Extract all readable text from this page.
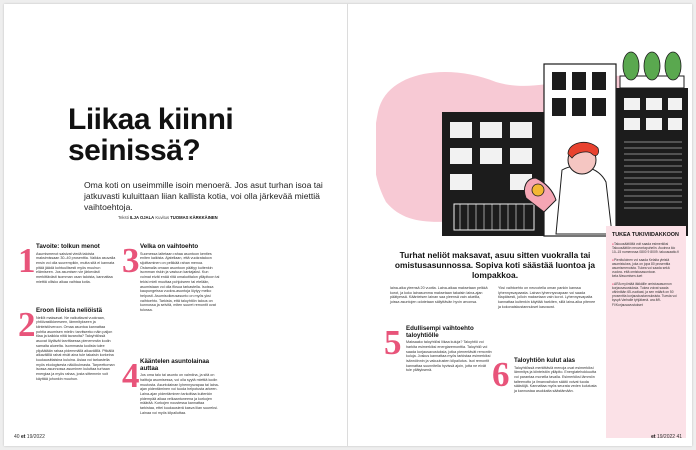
Liikaa kiinni seinissä?

Oma koti on useimmille isoin menoerä. Jos asut turhan isoa tai jatkuvasti kuluittaan liian kallista kotia, voi olla järkevää miettiä vaihtoehtoja.

Teksti ILJA OJALA Kuvitus TUOMAS KÄRKKÄINEN
1 Tavoite: tolkun menot

Asumismenot saisivat viedä taloista maksimissaan 30–40 prosenttia. Vaikka asuvalla ensin voi olla suurempikin, mutta sitä ei kannata pitää jäädä kohtuullisesti myös muuhun elämiseen. Jos asumisen vie järkevästi merkittävästi isomman osan taloista, kannattaa miettiä ollisko alkaa vaihtaa kotia.

2 Eroon liioista neliöistä

Neliöt maksavat. Ne vaikuttavat vuokraan, yhtiövastikkeeseen, lämmitykseen ja kiinteistöveroon. Omaa asuntoa kannattaa pohtia asumisen mielin: tarvitseeko näin paljon tilaa ja kaikkia niitä tavaroita? Taloyhtiössä asuvat löytävät tarvittaessa pienemmän kodin samalta alueelta. Isommasta kodista tulee ylipäätään rahaa pidemmällä aikavälillä. Pitkällä aikavälillä rahat eivät aina tule takaisin korkeina kuukausittaisina kuluina. Asiaa voi tarkastella myös ekologisesta näkökulmasta. Tarpeettoman isossa asunnossa asuminen kuluttaa turhaan energiaa ja myös rahaa, josta sittemmin voit käyttää johonkin muuhun.

3 Velka on vaihtoehto

Suomessa laitetaan rahaa asuntoon kenties eniten kaikista. Ajatellaan, että vuokrataloon sijoittaminen on pelkkää rahan menoa. Ostamalla omaan asuntoon päätyy kuitenkin isomman riskin ja vastuun kantajaksi. Kun voimat eivät enää riitä omakotitalon ylläpitoon tai tekisi mieli muuttaa pohjoiseen tai etelään, asumistaan voi olla fiksua tarkastella. Isoissa kaupungeissa vuokra-asuntoja löytyy melko helposti. Asumisoikeusasunto on myös yksi vaihtoehto. Tarkista, että taloyhtiön talous on kunnossa ja selvitä, miten suuret remontit ovat tulossa.

4 Kääntelen asuntolainaa auttaa

Jos oma talo tai asunto on valmiina, ja sitä on haittoja asumisessa, voi olla syytä miettiä kodin muutosta. Asuntolainan lyhennysvapaa tai laina-ajan pidentäminen voi tuoda helpotusta arkeen. Laina-ajan pidentäminen tarkoittaa kuitenkin pidempää aikaa velkaantuneena ja korkojen määrää. Korkojen noustessa kannattaa tarkistaa, ettei kuukausierä kasva liian suureksi. Lainaa voi myös kilpailuttaa.

40 et 19/2022

Turhat neliöt maksavat, asuu sitten vuokralla tai omistusasunnossa. Sopiva koti säästää luontoa ja lompakkoa.

laina-aika yleensä 20 vuotta. Laina-aikaa maksetaan pelkkä korot, ja koko lainasumma maksetaan takaisin laina-ajan päätyessä. Käänteisen lainan saa yleensä vain alueilla, joissa asuntojen odotetaan säilyttävän hyvin arvonsa.

Yksi vaihtoehto on neuvotella oman pankin kanssa lyhennysvapaasta. Lainan lyhennysvapaan voi saada tilapäisesti, jolloin maksetaan vain korot. Lyhennysvapaita kannattaa kuitenkin käyttää harkiten, sillä laina-aika pitenee ja kokonaiskustannukset kasvavat.

5 Edullisempi vaihtoehto taloyhtiölle

Maksaako taloyhtiösi liikaa kuluja? Taloyhtiö voi harkita esimerkiksi energiaremonttia. Taloyhtiö voi saada korjausavustuksia, jotka pienentävät remontin kuluja. Joskus kannattaa myös tarkistaa esimerkiksi isännöinnin ja vakuutusten kilpailutus. Isot remontit kannattaa suunnitella hyvissä ajoin, jotta ne eivät tule yllätyksenä.	6 Taloyhtiön kulut alas

Taloyhtiössä merkittäviä menoja ovat esimerkiksi lämmitys ja kiinteistön ylläpito. Energiatehokkuutta voi parantaa monella tavalla. Esimerkiksi lämmön talteenotto ja ilmanvaihdon säätö voivat tuoda säästöjä. Kannattaa myös seurata veden kulutusta ja kannustaa asukkaita säästämään.

TUKEA TUKIVIIDAKKOON

● Takuusäätiöltä voit saada esimerkiksi Takuusäätiön neuvontapuhelin. Avoinna klo 10–15 numerossa 0800 9 8009. takuusaatio.fi

● Pienituloinen voi saada Kelalta yleistä asumistukea, joka on jopa 80 prosenttia asumismenoista. Tukea voi saada sekä vuokra- että omistusasuntoon. kela.fi/asumisen-tuet

● ARA myöntää iäkkäille omistusasunnon korjausavustuksia. Tukea voivat saada vähintään 65-vuotiaat, ja sen määrä on 50 prosenttia korjauskustannuksista. Tuesta voi kysyä Varhalle tyhjäkenä. ara.fi/fi-FI/Korjausavustukset

et 19/2022 41
